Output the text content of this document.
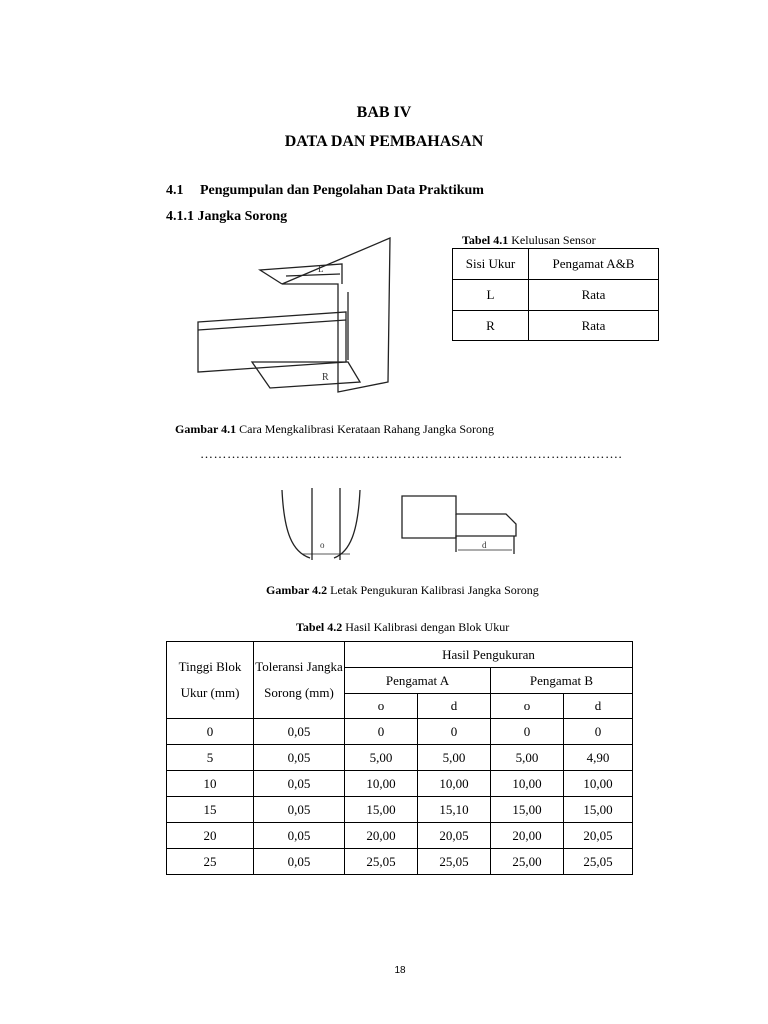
BAB IV
DATA DAN PEMBAHASAN
4.1 Pengumpulan dan Pengolahan Data Praktikum
4.1.1 Jangka Sorong
L
R
Tabel 4.1 Kelulusan Sensor
Sisi Ukur	Pengamat A&B
L	Rata
R	Rata
Gambar 4.1 Cara Mengkalibrasi Kerataan Rahang Jangka Sorong
………………………………………………………………………………….
o	d
Gambar 4.2 Letak Pengukuran Kalibrasi Jangka Sorong
Tabel 4.2 Hasil Kalibrasi dengan Blok Ukur
Tinggi Blok Ukur (mm)	Toleransi Jangka Sorong (mm)	Hasil Pengukuran			
		Pengamat A		Pengamat B	
		o	d	o	d
0	0,05	0	0	0	0
5	0,05	5,00	5,00	5,00	4,90
10	0,05	10,00	10,00	10,00	10,00
15	0,05	15,00	15,10	15,00	15,00
20	0,05	20,00	20,05	20,00	20,05
25	0,05	25,05	25,05	25,00	25,05
18
